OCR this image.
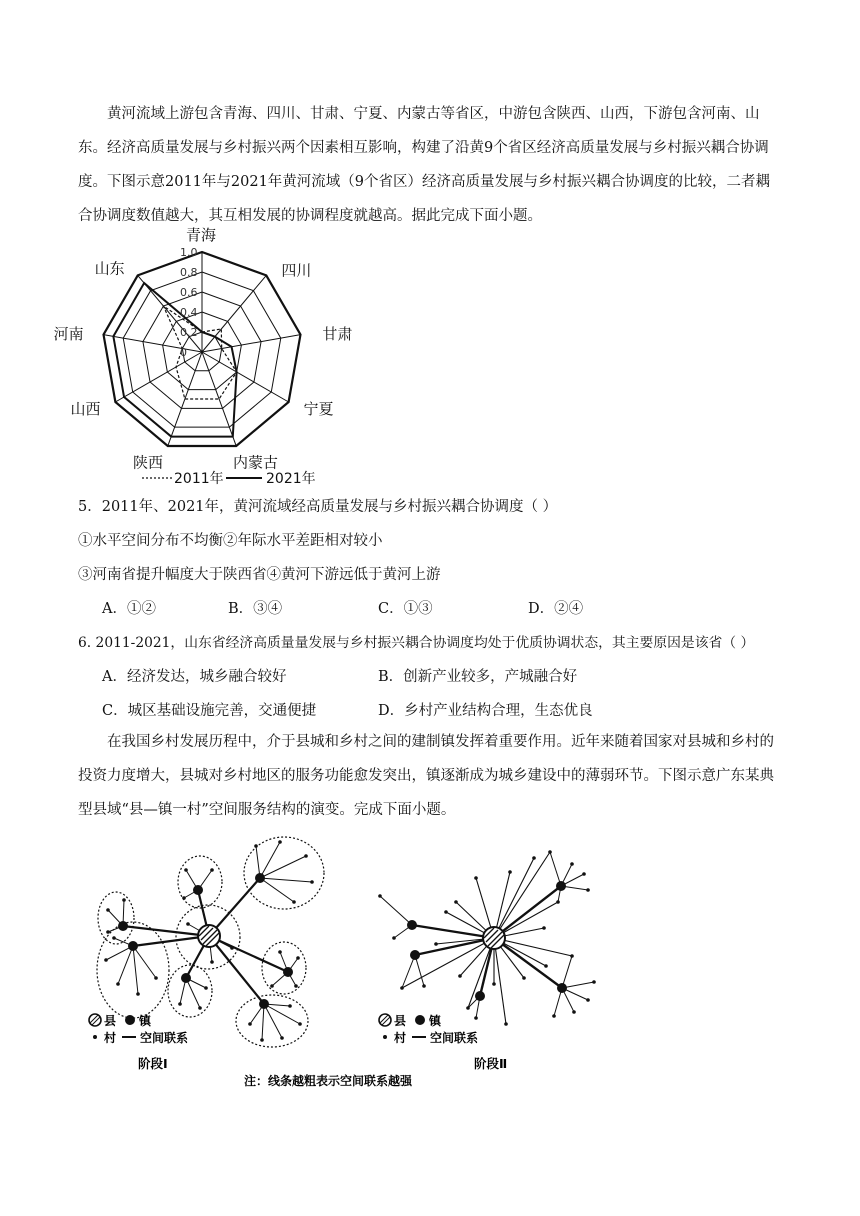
黄河流域上游包含青海、四川、甘肃、宁夏、内蒙古等省区，中游包含陕西、山西，下游包含河南、山东。经济高质量发展与乡村振兴两个因素相互影响，构建了沿黄9个省区经济高质量发展与乡村振兴耦合协调度。下图示意2011年与2021年黄河流域（9个省区）经济高质量发展与乡村振兴耦合协调度的比较，二者耦合协调度数值越大，其互相发展的协调程度就越高。据此完成下面小题。

1.0
0.8
0.6
0.4
0.2
0
青海
四川
甘肃
宁夏
内蒙古
陕西
山西
河南
山东
2011年	2021年
5．2011年、2021年，黄河流域经高质量发展与乡村振兴耦合协调度（ ）
①水平空间分布不均衡②年际水平差距相对较小
③河南省提升幅度大于陕西省④黄河下游远低于黄河上游
A．①②	B．③④	C．①③	D．②④
6. 2011-2021，山东省经济高质量量发展与乡村振兴耦合协调度均处于优质协调状态，其主要原因是该省（ ）
A．经济发达，城乡融合较好	B．创新产业较多，产城融合好
C．城区基础设施完善，交通便捷	D．乡村产业结构合理，生态优良

在我国乡村发展历程中，介于县城和乡村之间的建制镇发挥着重要作用。近年来随着国家对县城和乡村的投资力度增大，县城对乡村地区的服务功能愈发突出，镇逐渐成为城乡建设中的薄弱环节。下图示意广东某典型县域“县—镇一村”空间服务结构的演变。完成下面小题。

县 镇
村 空间联系
阶段Ⅰ
县 镇
村 空间联系
阶段Ⅱ
注：线条越粗表示空间联系越强
